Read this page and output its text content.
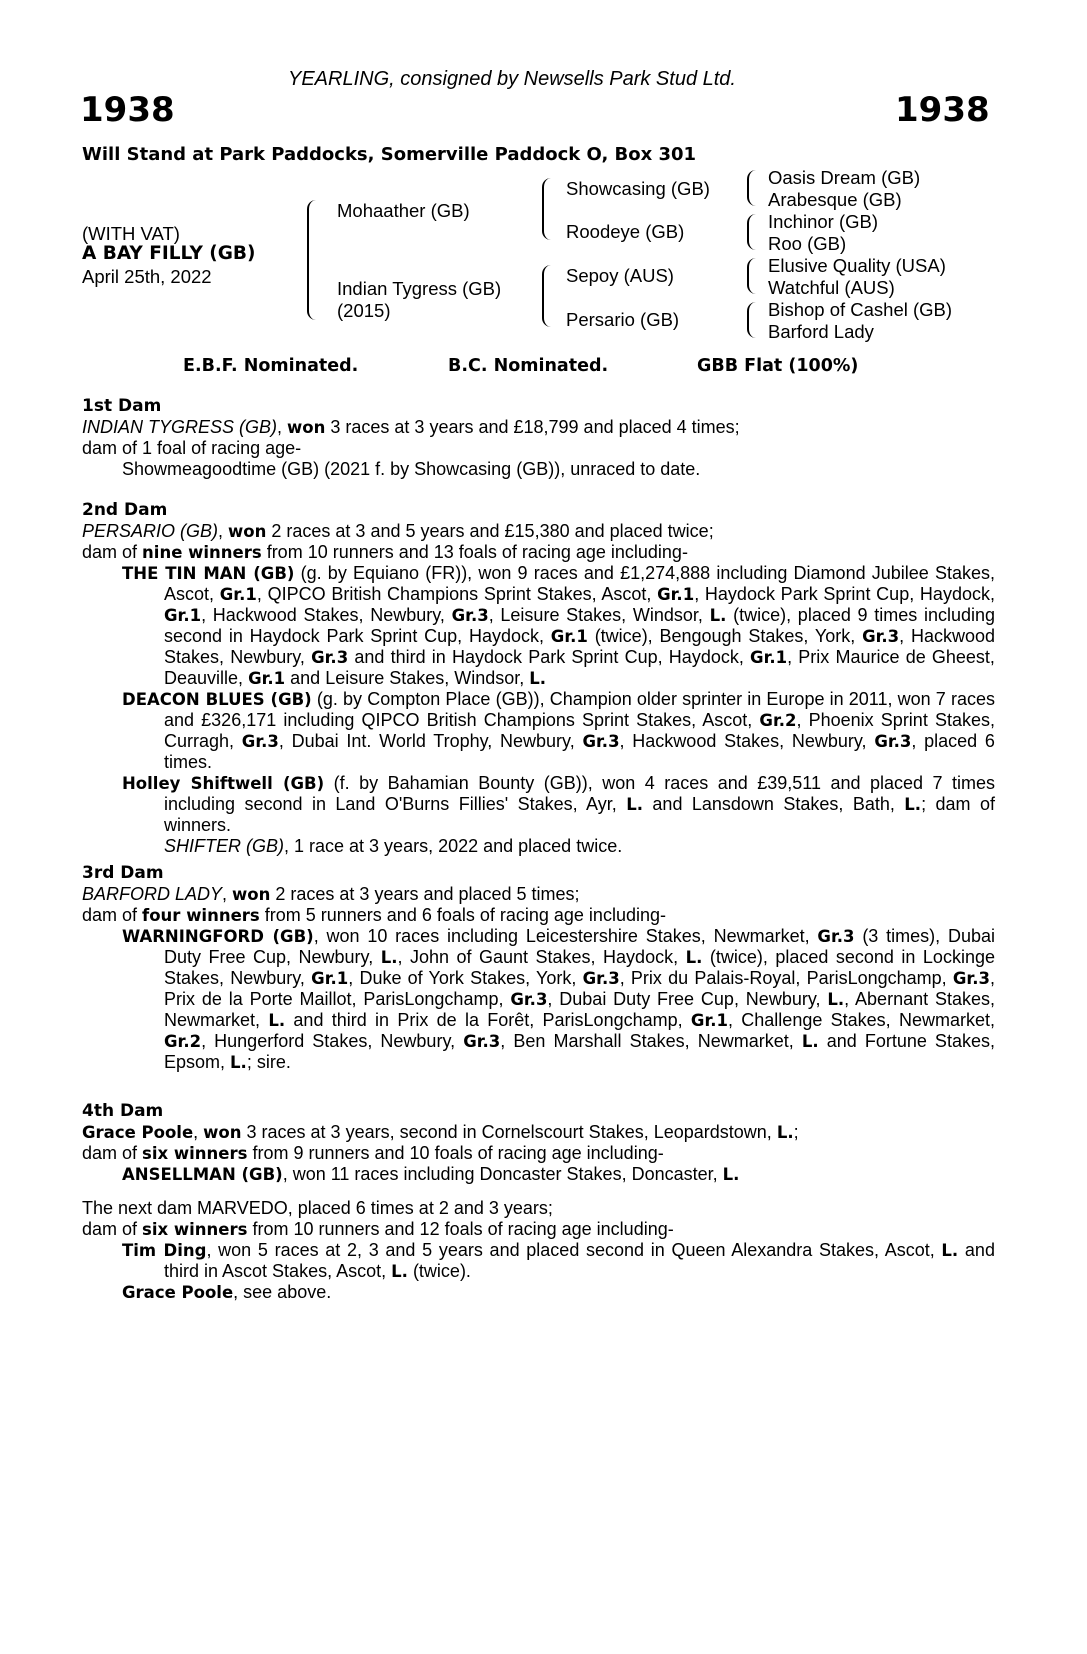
YEARLING, consigned by Newsells Park Stud Ltd.
1938	1938
Will Stand at Park Paddocks, Somerville Paddock O, Box 301
(WITH VAT)
A BAY FILLY (GB)
April 25th, 2022
Mohaather (GB)
Indian Tygress (GB)
(2015)
Showcasing (GB)
Roodeye (GB)
Sepoy (AUS)
Persario (GB)
Oasis Dream (GB)
Arabesque (GB)
Inchinor (GB)
Roo (GB)
Elusive Quality (USA)
Watchful (AUS)
Bishop of Cashel (GB)
Barford Lady
E.B.F. Nominated.	B.C. Nominated.	GBB Flat (100%)
1st Dam
INDIAN TYGRESS (GB), won 3 races at 3 years and £18,799 and placed 4 times;
dam of 1 foal of racing age-
Showmeagoodtime (GB) (2021 f. by Showcasing (GB)), unraced to date.
2nd Dam
PERSARIO (GB), won 2 races at 3 and 5 years and £15,380 and placed twice;
dam of nine winners from 10 runners and 13 foals of racing age including-
THE TIN MAN (GB) (g. by Equiano (FR)), won 9 races and £1,274,888 including Diamond Jubilee Stakes, Ascot, Gr.1, QIPCO British Champions Sprint Stakes, Ascot, Gr.1, Haydock Park Sprint Cup, Haydock, Gr.1, Hackwood Stakes, Newbury, Gr.3, Leisure Stakes, Windsor, L. (twice), placed 9 times including second in Haydock Park Sprint Cup, Haydock, Gr.1 (twice), Bengough Stakes, York, Gr.3, Hackwood Stakes, Newbury, Gr.3 and third in Haydock Park Sprint Cup, Haydock, Gr.1, Prix Maurice de Gheest, Deauville, Gr.1 and Leisure Stakes, Windsor, L.
DEACON BLUES (GB) (g. by Compton Place (GB)), Champion older sprinter in Europe in 2011, won 7 races and £326,171 including QIPCO British Champions Sprint Stakes, Ascot, Gr.2, Phoenix Sprint Stakes, Curragh, Gr.3, Dubai Int. World Trophy, Newbury, Gr.3, Hackwood Stakes, Newbury, Gr.3, placed 6 times.
Holley Shiftwell (GB) (f. by Bahamian Bounty (GB)), won 4 races and £39,511 and placed 7 times including second in Land O'Burns Fillies' Stakes, Ayr, L. and Lansdown Stakes, Bath, L.; dam of winners.
SHIFTER (GB), 1 race at 3 years, 2022 and placed twice.
3rd Dam
BARFORD LADY, won 2 races at 3 years and placed 5 times;
dam of four winners from 5 runners and 6 foals of racing age including-
WARNINGFORD (GB), won 10 races including Leicestershire Stakes, Newmarket, Gr.3 (3 times), Dubai Duty Free Cup, Newbury, L., John of Gaunt Stakes, Haydock, L. (twice), placed second in Lockinge Stakes, Newbury, Gr.1, Duke of York Stakes, York, Gr.3, Prix du Palais-Royal, ParisLongchamp, Gr.3, Prix de la Porte Maillot, ParisLongchamp, Gr.3, Dubai Duty Free Cup, Newbury, L., Abernant Stakes, Newmarket, L. and third in Prix de la Forêt, ParisLongchamp, Gr.1, Challenge Stakes, Newmarket, Gr.2, Hungerford Stakes, Newbury, Gr.3, Ben Marshall Stakes, Newmarket, L. and Fortune Stakes, Epsom, L.; sire.
4th Dam
Grace Poole, won 3 races at 3 years, second in Cornelscourt Stakes, Leopardstown, L.;
dam of six winners from 9 runners and 10 foals of racing age including-
ANSELLMAN (GB), won 11 races including Doncaster Stakes, Doncaster, L.
The next dam MARVEDO, placed 6 times at 2 and 3 years;
dam of six winners from 10 runners and 12 foals of racing age including-
Tim Ding, won 5 races at 2, 3 and 5 years and placed second in Queen Alexandra Stakes, Ascot, L. and third in Ascot Stakes, Ascot, L. (twice).
Grace Poole, see above.
